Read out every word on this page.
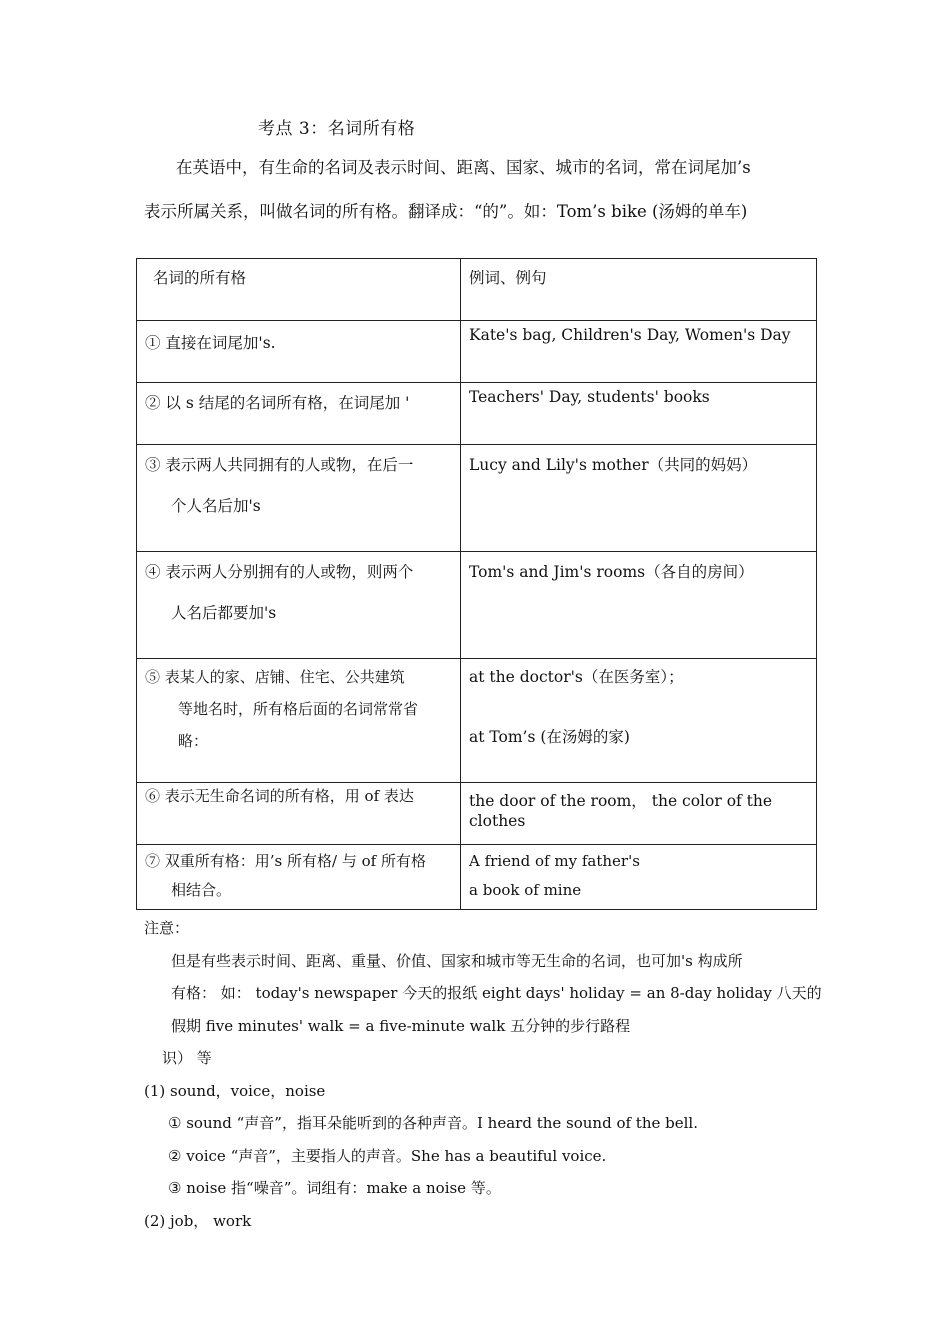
考点 3：名词所有格
在英语中，有生命的名词及表示时间、距离、国家、城市的名词，常在词尾加’s
表示所属关系，叫做名词的所有格。翻译成：“的”。如：Tom’s bike (汤姆的单车)
名词的所有格	例词、例句

① 直接在词尾加's.	Kate's bag, Children's Day, Women's Day

② 以 s 结尾的名词所有格，在词尾加 '	Teachers' Day, students' books

③ 表示两人共同拥有的人或物，在后一
个人名后加's	Lucy and Lily's mother（共同的妈妈）

④ 表示两人分别拥有的人或物，则两个
人名后都要加's	Tom's and Jim's rooms（各自的房间）

⑤ 表某人的家、店铺、住宅、公共建筑
等地名时，所有格后面的名词常常省
略：	at the doctor's（在医务室）；
at Tom’s (在汤姆的家)

⑥ 表示无生命名词的所有格，用 of 表达	the door of the room， the color of the clothes

⑦ 双重所有格：用’s 所有格/ 与 of 所有格
相结合。	A friend of my father's
a book of mine
注意：
但是有些表示时间、距离、重量、价值、国家和城市等无生命的名词，也可加's 构成所
有格： 如： today's newspaper 今天的报纸 eight days' holiday = an 8-day holiday 八天的
假期 five minutes' walk = a five-minute walk 五分钟的步行路程
识） 等
(1) sound，voice，noise
① sound “声音”，指耳朵能听到的各种声音。I heard the sound of the bell.
② voice “声音”，主要指人的声音。She has a beautiful voice.
③ noise 指“噪音”。词组有：make a noise 等。
(2) job， work
